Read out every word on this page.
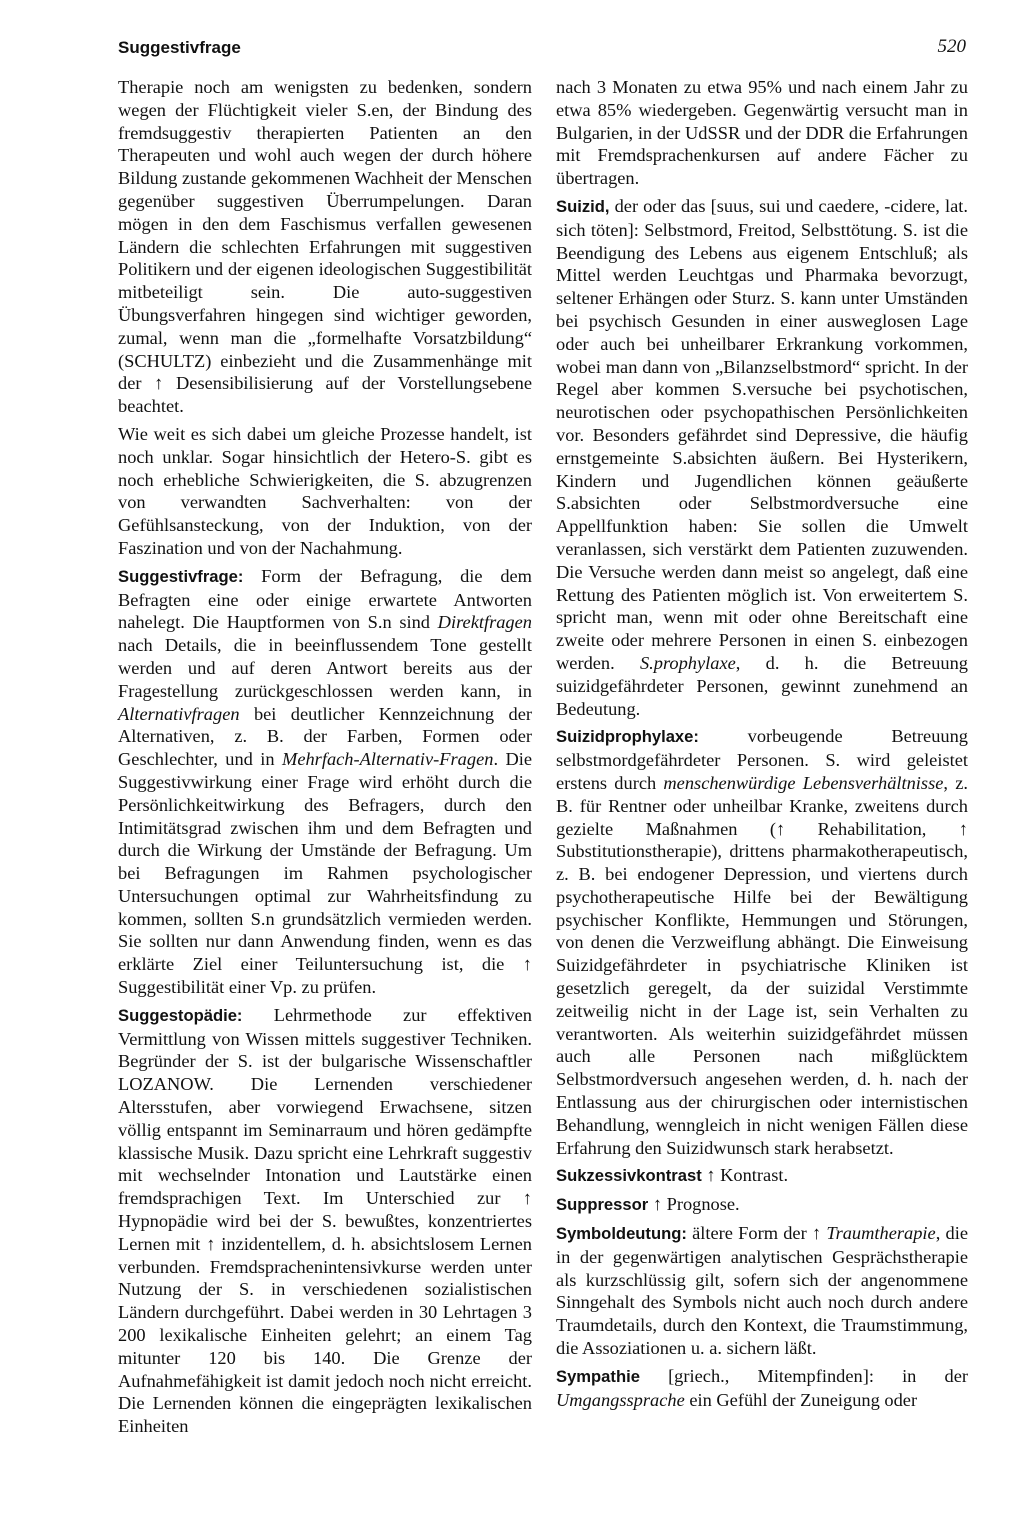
Suggestivfrage	520

Therapie noch am wenigsten zu bedenken, sondern wegen der Flüchtigkeit vieler S.en, der Bindung des fremdsuggestiv therapierten Patienten an den Therapeuten und wohl auch wegen der durch höhere Bildung zustande gekommenen Wachheit der Menschen gegenüber suggestiven Überrumpelungen. Daran mögen in den dem Faschismus verfallen gewesenen Ländern die schlechten Erfahrungen mit suggestiven Politikern und der eigenen ideologischen Suggestibilität mitbeteiligt sein. Die auto-suggestiven Übungsverfahren hingegen sind wichtiger geworden, zumal, wenn man die „formelhafte Vorsatzbildung“ (SCHULTZ) einbezieht und die Zusammenhänge mit der ↑ Desensibilisierung auf der Vorstellungsebene beachtet.

Wie weit es sich dabei um gleiche Prozesse handelt, ist noch unklar. Sogar hinsichtlich der Hetero-S. gibt es noch erhebliche Schwierigkeiten, die S. abzugrenzen von verwandten Sachverhalten: von der Gefühlsansteckung, von der Induktion, von der Faszination und von der Nachahmung.

Suggestivfrage: Form der Befragung, die dem Befragten eine oder einige erwartete Antworten nahelegt. Die Hauptformen von S.n sind Direktfragen nach Details, die in beeinflussendem Tone gestellt werden und auf deren Antwort bereits aus der Fragestellung zurückgeschlossen werden kann, in Alternativfragen bei deutlicher Kennzeichnung der Alternativen, z. B. der Farben, Formen oder Geschlechter, und in Mehrfach-Alternativ-Fragen. Die Suggestivwirkung einer Frage wird erhöht durch die Persönlichkeitwirkung des Befragers, durch den Intimitätsgrad zwischen ihm und dem Befragten und durch die Wirkung der Umstände der Befragung. Um bei Befragungen im Rahmen psychologischer Untersuchungen optimal zur Wahrheitsfindung zu kommen, sollten S.n grundsätzlich vermieden werden. Sie sollten nur dann Anwendung finden, wenn es das erklärte Ziel einer Teiluntersuchung ist, die ↑ Suggestibilität einer Vp. zu prüfen.

Suggestopädie: Lehrmethode zur effektiven Vermittlung von Wissen mittels suggestiver Techniken. Begründer der S. ist der bulgarische Wissenschaftler LOZANOW. Die Lernenden verschiedener Altersstufen, aber vorwiegend Erwachsene, sitzen völlig entspannt im Seminarraum und hören gedämpfte klassische Musik. Dazu spricht eine Lehrkraft suggestiv mit wechselnder Intonation und Lautstärke einen fremdsprachigen Text. Im Unterschied zur ↑ Hypnopädie wird bei der S. bewußtes, konzentriertes Lernen mit ↑ inzidentellem, d. h. absichtslosem Lernen verbunden. Fremdsprachenintensivkurse werden unter Nutzung der S. in verschiedenen sozialistischen Ländern durchgeführt. Dabei werden in 30 Lehrtagen 3 200 lexikalische Einheiten gelehrt; an einem Tag mitunter 120 bis 140. Die Grenze der Aufnahmefähigkeit ist damit jedoch noch nicht erreicht. Die Lernenden können die eingeprägten lexikalischen Einheiten

nach 3 Monaten zu etwa 95% und nach einem Jahr zu etwa 85% wiedergeben. Gegenwärtig versucht man in Bulgarien, in der UdSSR und der DDR die Erfahrungen mit Fremdsprachenkursen auf andere Fächer zu übertragen.

Suizid, der oder das [suus, sui und caedere, -cidere, lat. sich töten]: Selbstmord, Freitod, Selbsttötung. S. ist die Beendigung des Lebens aus eigenem Entschluß; als Mittel werden Leuchtgas und Pharmaka bevorzugt, seltener Erhängen oder Sturz. S. kann unter Umständen bei psychisch Gesunden in einer ausweglosen Lage oder auch bei unheilbarer Erkrankung vorkommen, wobei man dann von „Bilanzselbstmord“ spricht. In der Regel aber kommen S.versuche bei psychotischen, neurotischen oder psychopathischen Persönlichkeiten vor. Besonders gefährdet sind Depressive, die häufig ernstgemeinte S.absichten äußern. Bei Hysterikern, Kindern und Jugendlichen können geäußerte S.absichten oder Selbstmordversuche eine Appellfunktion haben: Sie sollen die Umwelt veranlassen, sich verstärkt dem Patienten zuzuwenden. Die Versuche werden dann meist so angelegt, daß eine Rettung des Patienten möglich ist. Von erweitertem S. spricht man, wenn mit oder ohne Bereitschaft eine zweite oder mehrere Personen in einen S. einbezogen werden. S.prophylaxe, d. h. die Betreuung suizidgefährdeter Personen, gewinnt zunehmend an Bedeutung.

Suizidprophylaxe: vorbeugende Betreuung selbstmordgefährdeter Personen. S. wird geleistet erstens durch menschenwürdige Lebensverhältnisse, z. B. für Rentner oder unheilbar Kranke, zweitens durch gezielte Maßnahmen (↑ Rehabilitation, ↑ Substitutionstherapie), drittens pharmakotherapeutisch, z. B. bei endogener Depression, und viertens durch psychotherapeutische Hilfe bei der Bewältigung psychischer Konflikte, Hemmungen und Störungen, von denen die Verzweiflung abhängt. Die Einweisung Suizidgefährdeter in psychiatrische Kliniken ist gesetzlich geregelt, da der suizidal Verstimmte zeitweilig nicht in der Lage ist, sein Verhalten zu verantworten. Als weiterhin suizidgefährdet müssen auch alle Personen nach mißglücktem Selbstmordversuch angesehen werden, d. h. nach der Entlassung aus der chirurgischen oder internistischen Behandlung, wenngleich in nicht wenigen Fällen diese Erfahrung den Suizidwunsch stark herabsetzt.

Sukzessivkontrast ↑ Kontrast.

Suppressor ↑ Prognose.

Symboldeutung: ältere Form der ↑ Traumtherapie, die in der gegenwärtigen analytischen Gesprächstherapie als kurzschlüssig gilt, sofern sich der angenommene Sinngehalt des Symbols nicht auch noch durch andere Traumdetails, durch den Kontext, die Traumstimmung, die Assoziationen u. a. sichern läßt.

Sympathie [griech., Mitempfinden]: in der Umgangssprache ein Gefühl der Zuneigung oder
